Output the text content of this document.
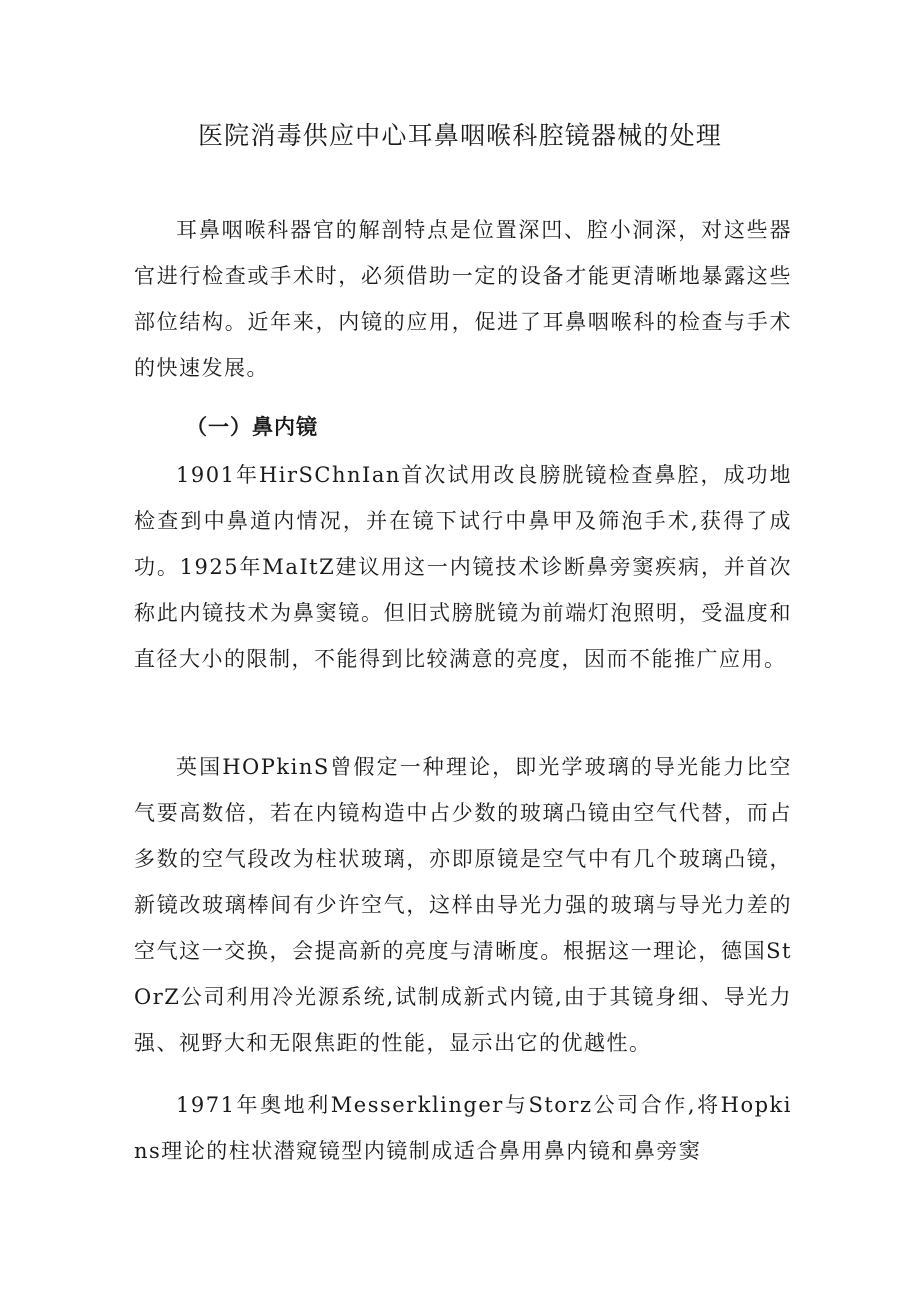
医院消毒供应中心耳鼻咽喉科腔镜器械的处理

耳鼻咽喉科器官的解剖特点是位置深凹、腔小洞深，对这些器官进行检查或手术时，必须借助一定的设备才能更清晰地暴露这些部位结构。近年来，内镜的应用，促进了耳鼻咽喉科的检查与手术的快速发展。

（一）鼻内镜

1901年HirSChnIan首次试用改良膀胱镜检查鼻腔，成功地检查到中鼻道内情况，并在镜下试行中鼻甲及筛泡手术,获得了成功。1925年MaItZ建议用这一内镜技术诊断鼻旁窦疾病，并首次称此内镜技术为鼻窦镜。但旧式膀胱镜为前端灯泡照明，受温度和直径大小的限制，不能得到比较满意的亮度，因而不能推广应用。

英国HOPkinS曾假定一种理论，即光学玻璃的导光能力比空气要高数倍，若在内镜构造中占少数的玻璃凸镜由空气代替，而占多数的空气段改为柱状玻璃，亦即原镜是空气中有几个玻璃凸镜，新镜改玻璃棒间有少许空气，这样由导光力强的玻璃与导光力差的空气这一交换，会提高新的亮度与清晰度。根据这一理论，德国StOrZ公司利用冷光源系统,试制成新式内镜,由于其镜身细、导光力强、视野大和无限焦距的性能，显示出它的优越性。

1971年奥地利Messerklinger与Storz公司合作,将Hopkins理论的柱状潜窥镜型内镜制成适合鼻用鼻内镜和鼻旁窦
